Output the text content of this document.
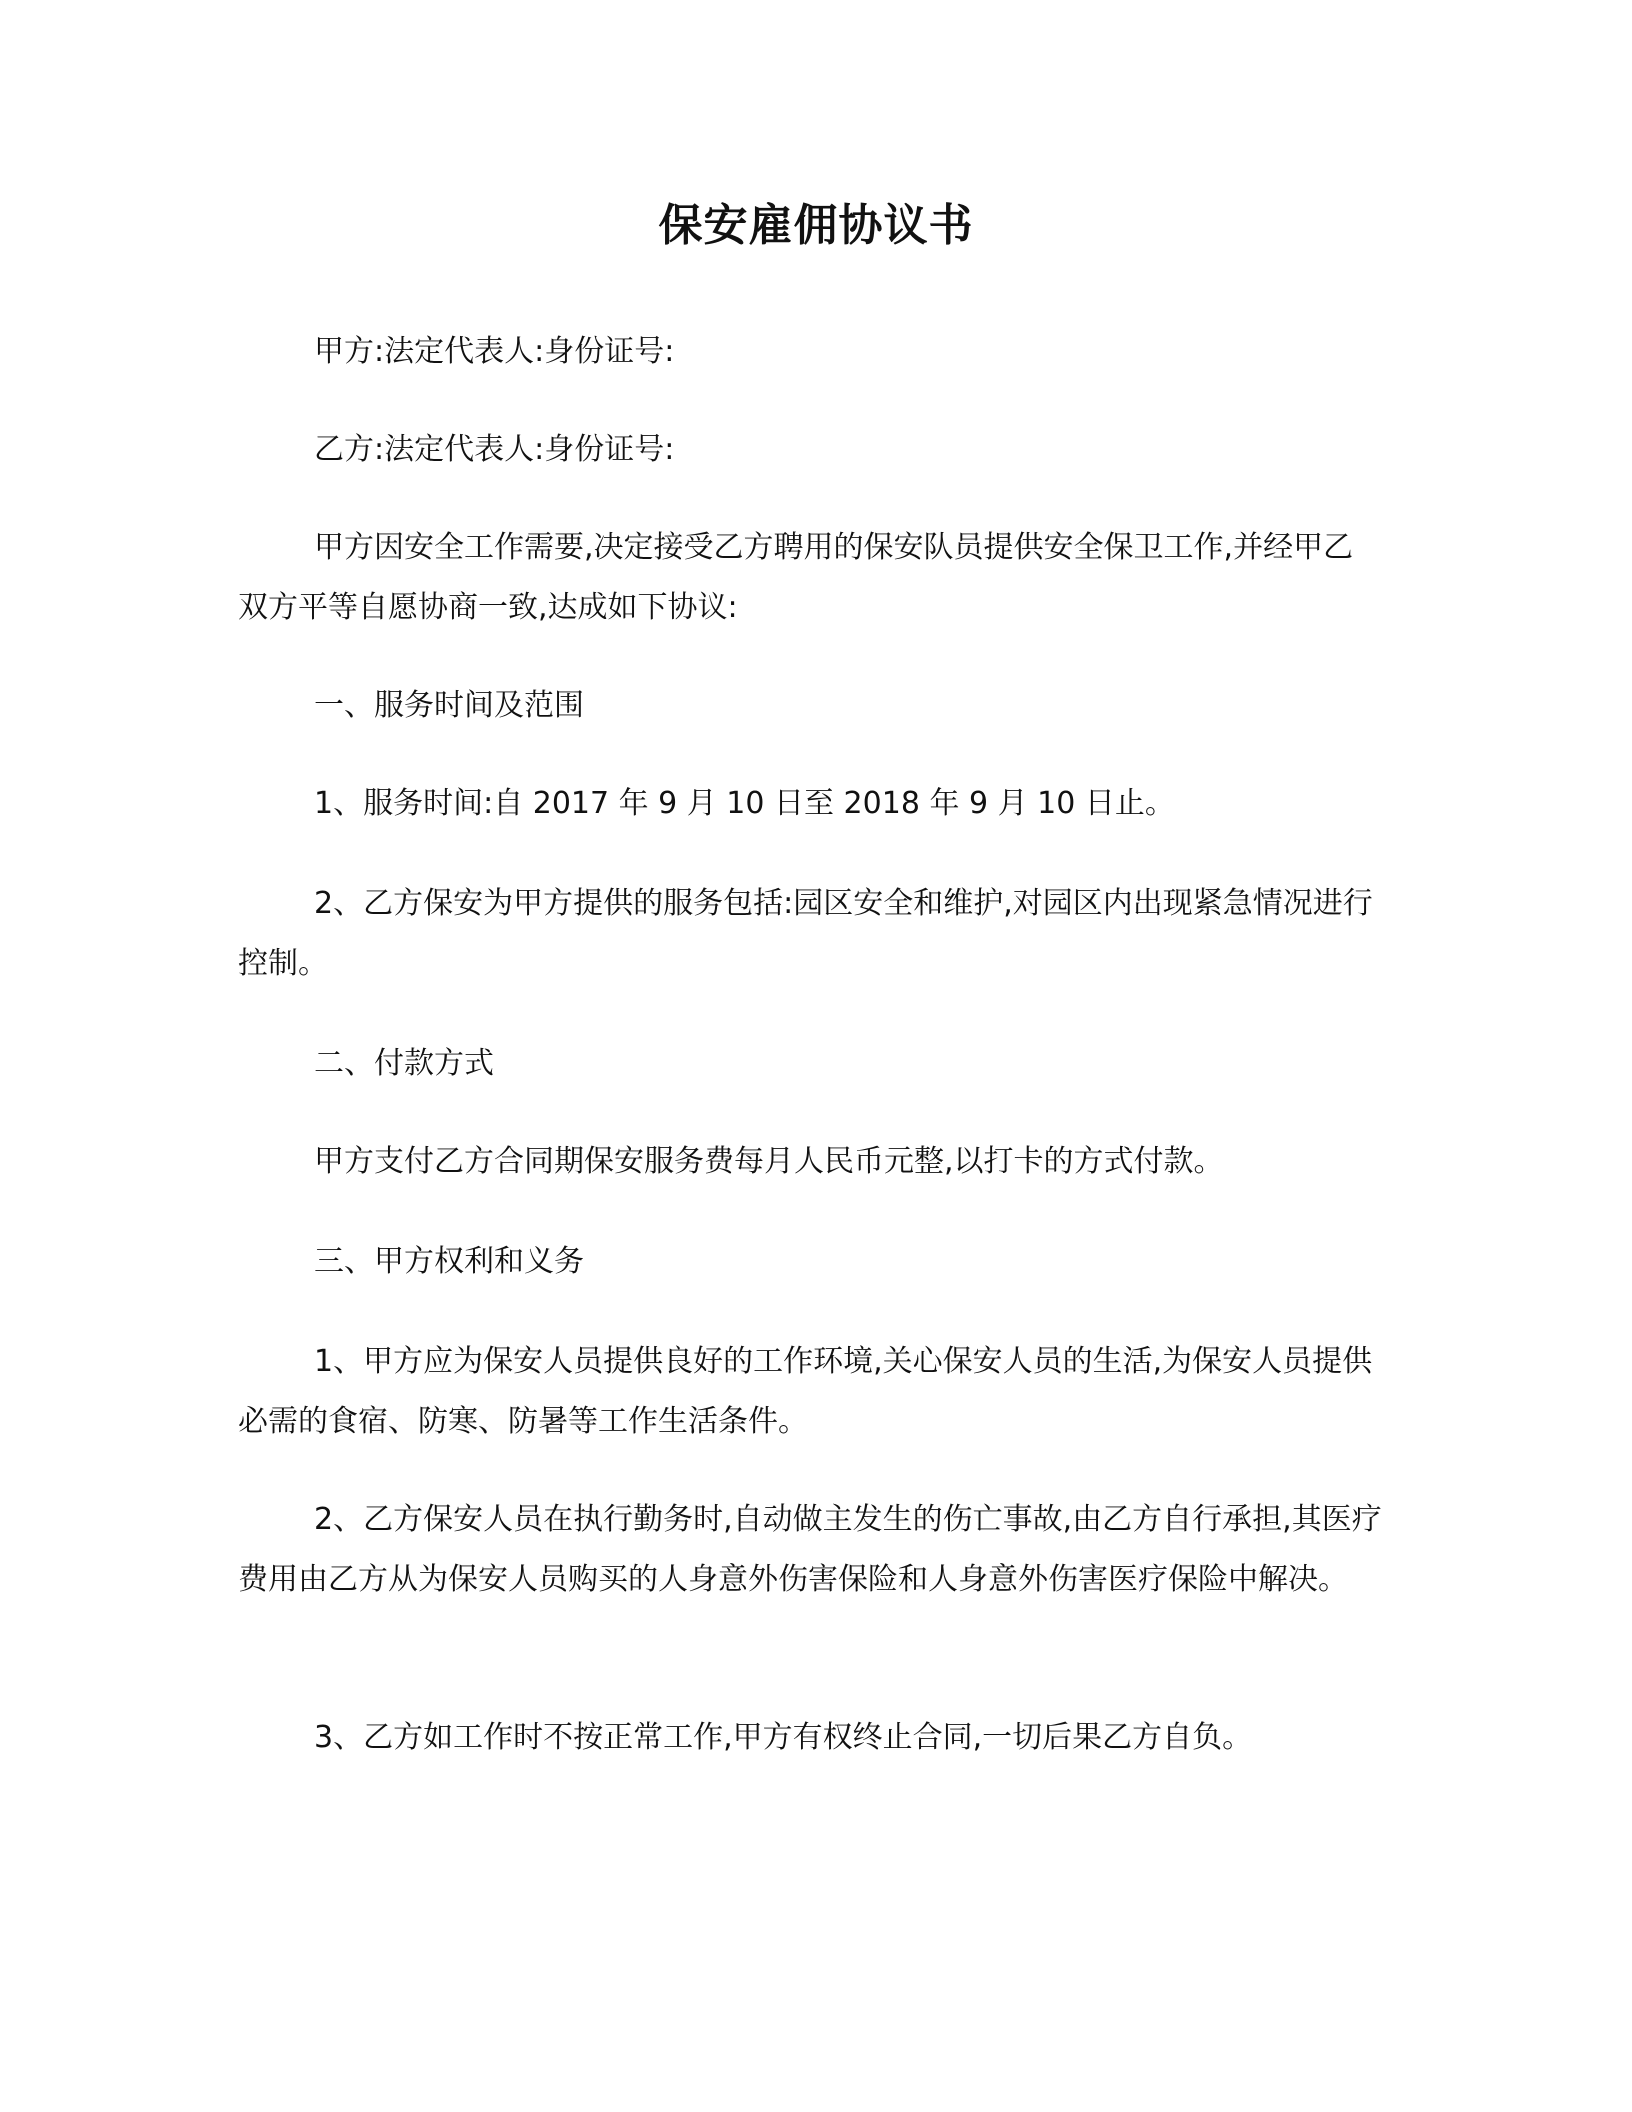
保安雇佣协议书

甲方:法定代表人:身份证号:

乙方:法定代表人:身份证号:

甲方因安全工作需要,决定接受乙方聘用的保安队员提供安全保卫工作,并经甲乙双方平等自愿协商一致,达成如下协议:

一、服务时间及范围

1、服务时间:自 2017 年 9 月 10 日至 2018 年 9 月 10 日止。

2、乙方保安为甲方提供的服务包括:园区安全和维护,对园区内出现紧急情况进行控制。

二、付款方式

甲方支付乙方合同期保安服务费每月人民币元整,以打卡的方式付款。

三、甲方权利和义务

1、甲方应为保安人员提供良好的工作环境,关心保安人员的生活,为保安人员提供必需的食宿、防寒、防暑等工作生活条件。

2、乙方保安人员在执行勤务时,自动做主发生的伤亡事故,由乙方自行承担,其医疗费用由乙方从为保安人员购买的人身意外伤害保险和人身意外伤害医疗保险中解决。

3、乙方如工作时不按正常工作,甲方有权终止合同,一切后果乙方自负。
